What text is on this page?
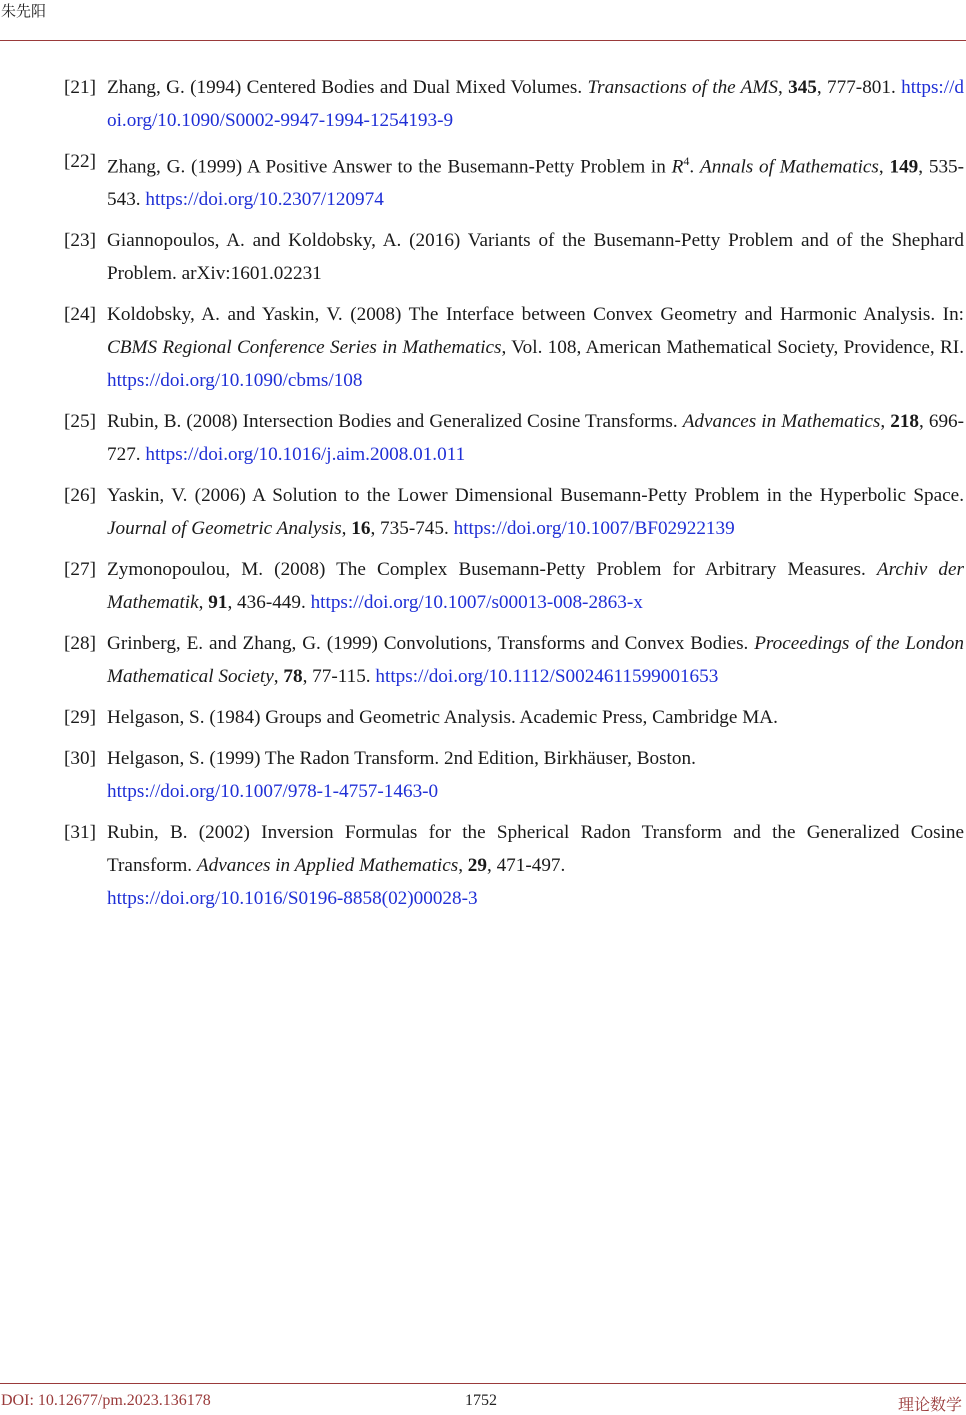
朱先阳
[21] Zhang, G. (1994) Centered Bodies and Dual Mixed Volumes. Transactions of the AMS, 345, 777-801. https://doi.org/10.1090/S0002-9947-1994-1254193-9
[22] Zhang, G. (1999) A Positive Answer to the Busemann-Petty Problem in $R^4$. Annals of Mathematics, 149, 535-543. https://doi.org/10.2307/120974
[23] Giannopoulos, A. and Koldobsky, A. (2016) Variants of the Busemann-Petty Problem and of the Shephard Problem. arXiv:1601.02231
[24] Koldobsky, A. and Yaskin, V. (2008) The Interface between Convex Geometry and Harmonic Analysis. In: CBMS Regional Conference Series in Mathematics, Vol. 108, American Mathematical Society, Providence, RI. https://doi.org/10.1090/cbms/108
[25] Rubin, B. (2008) Intersection Bodies and Generalized Cosine Transforms. Advances in Mathematics, 218, 696-727. https://doi.org/10.1016/j.aim.2008.01.011
[26] Yaskin, V. (2006) A Solution to the Lower Dimensional Busemann-Petty Problem in the Hyperbolic Space. Journal of Geometric Analysis, 16, 735-745. https://doi.org/10.1007/BF02922139
[27] Zymonopoulou, M. (2008) The Complex Busemann-Petty Problem for Arbitrary Measures. Archiv der Mathematik, 91, 436-449. https://doi.org/10.1007/s00013-008-2863-x
[28] Grinberg, E. and Zhang, G. (1999) Convolutions, Transforms and Convex Bodies. Proceedings of the London Mathematical Society, 78, 77-115. https://doi.org/10.1112/S0024611599001653
[29] Helgason, S. (1984) Groups and Geometric Analysis. Academic Press, Cambridge MA.
[30] Helgason, S. (1999) The Radon Transform. 2nd Edition, Birkhäuser, Boston.
https://doi.org/10.1007/978-1-4757-1463-0
[31] Rubin, B. (2002) Inversion Formulas for the Spherical Radon Transform and the Generalized Cosine Transform. Advances in Applied Mathematics, 29, 471-497.
https://doi.org/10.1016/S0196-8858(02)00028-3
DOI: 10.12677/pm.2023.136178	1752	理论数学
